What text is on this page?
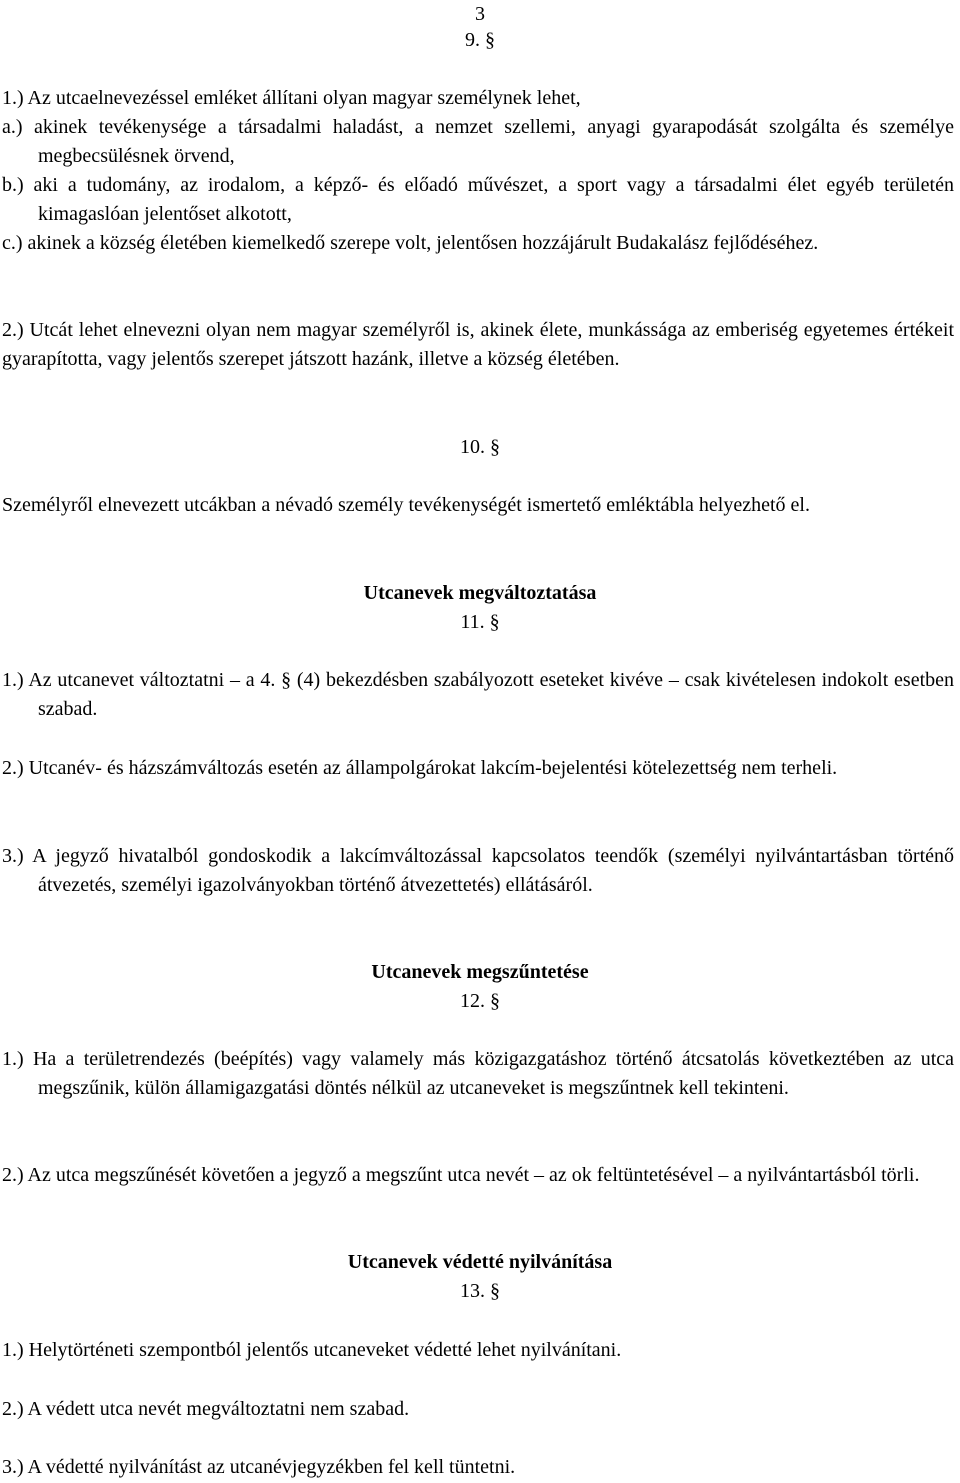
3
9. §
1.) Az utcaelnevezéssel emléket állítani olyan magyar személynek lehet,
a.) akinek tevékenysége a társadalmi haladást, a nemzet szellemi, anyagi gyarapodását szolgálta és személye megbecsülésnek örvend,
b.) aki a tudomány, az irodalom, a képző- és előadó művészet, a sport vagy a társadalmi élet egyéb területén kimagaslóan jelentőset alkotott,
c.) akinek a község életében kiemelkedő szerepe volt, jelentősen hozzájárult Budakalász fejlődéséhez.
2.) Utcát lehet elnevezni olyan nem magyar személyről is, akinek élete, munkássága az emberiség egyetemes értékeit gyarapította, vagy jelentős szerepet játszott hazánk, illetve a község életében.
10. §
Személyről elnevezett utcákban a névadó személy tevékenységét ismertető emléktábla helyezhető el.
Utcanevek megváltoztatása
11. §
1.) Az utcanevet változtatni – a 4. § (4) bekezdésben szabályozott eseteket kivéve – csak kivételesen indokolt esetben szabad.
2.) Utcanév- és házszámváltozás esetén az állampolgárokat lakcím-bejelentési kötelezettség nem terheli.
3.) A jegyző hivatalból gondoskodik a lakcímváltozással kapcsolatos teendők (személyi nyilvántartásban történő átvezetés, személyi igazolványokban történő átvezettetés) ellátásáról.
Utcanevek megszűntetése
12. §
1.) Ha a területrendezés (beépítés) vagy valamely más közigazgatáshoz történő átcsatolás következtében az utca megszűnik, külön államigazgatási döntés nélkül az utcaneveket is megszűntnek kell tekinteni.
2.) Az utca megszűnését követően a jegyző a megszűnt utca nevét – az ok feltüntetésével – a nyilvántartásból törli.
Utcanevek védetté nyilvánítása
13. §
1.) Helytörténeti szempontból jelentős utcaneveket védetté lehet nyilvánítani.
2.) A védett utca nevét megváltoztatni nem szabad.
3.) A védetté nyilvánítást az utcanévjegyzékben fel kell tüntetni.
